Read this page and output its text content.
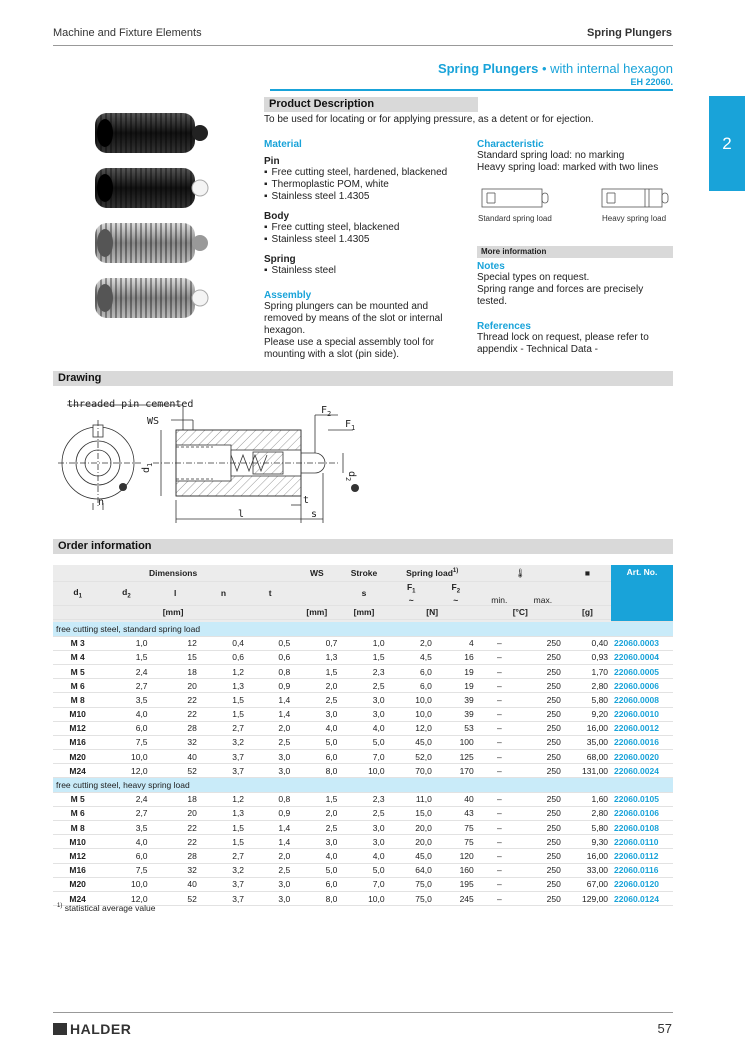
Machine and Fixture Elements	Spring Plungers
Spring Plungers • with internal hexagon
EH 22060.
2
Product Description
To be used for locating or for applying pressure, as a detent or for ejection.
Material
Pin
▪ Free cutting steel, hardened, blackened
▪ Thermoplastic POM, white
▪ Stainless steel 1.4305
Body
▪ Free cutting steel, blackened
▪ Stainless steel 1.4305
Spring
▪ Stainless steel
Assembly
Spring plungers can be mounted and
removed by means of the slot or internal
hexagon.
Please use a special assembly tool for
mounting with a slot (pin side).
Characteristic
Standard spring load: no marking
Heavy spring load: marked with two lines
Standard spring load	Heavy spring load
More information
Notes
Special types on request.
Spring range and forces are precisely
tested.
References
Thread lock on request, please refer to
appendix - Technical Data -
Drawing
threaded pin cemented
WS
$F_2$
$F_1$
n	t
l	s
$d_1$
$d_2$
Order information
Dimensions					WS	Stroke	Spring load$^{1)}$		🌡		■	Art. No.
$d_1$	$d_2$	l	n	t		s	$F_1$
~	$F_2$
~	min.	max.		
[mm]					[mm]	[mm]	[N]		[°C]		[g]	

free cutting steel, standard spring load												
M 3	1,0	12	0,4	0,5	0,7	1,0	2,0	4	–	250	0,40	22060.0003
M 4	1,5	15	0,6	0,6	1,3	1,5	4,5	16	–	250	0,93	22060.0004
M 5	2,4	18	1,2	0,8	1,5	2,3	6,0	19	–	250	1,70	22060.0005
M 6	2,7	20	1,3	0,9	2,0	2,5	6,0	19	–	250	2,80	22060.0006
M 8	3,5	22	1,5	1,4	2,5	3,0	10,0	39	–	250	5,80	22060.0008
M10	4,0	22	1,5	1,4	3,0	3,0	10,0	39	–	250	9,20	22060.0010
M12	6,0	28	2,7	2,0	4,0	4,0	12,0	53	–	250	16,00	22060.0012
M16	7,5	32	3,2	2,5	5,0	5,0	45,0	100	–	250	35,00	22060.0016
M20	10,0	40	3,7	3,0	6,0	7,0	52,0	125	–	250	68,00	22060.0020
M24	12,0	52	3,7	3,0	8,0	10,0	70,0	170	–	250	131,00	22060.0024
free cutting steel, heavy spring load												
M 5	2,4	18	1,2	0,8	1,5	2,3	11,0	40	–	250	1,60	22060.0105
M 6	2,7	20	1,3	0,9	2,0	2,5	15,0	43	–	250	2,80	22060.0106
M 8	3,5	22	1,5	1,4	2,5	3,0	20,0	75	–	250	5,80	22060.0108
M10	4,0	22	1,5	1,4	3,0	3,0	20,0	75	–	250	9,30	22060.0110
M12	6,0	28	2,7	2,0	4,0	4,0	45,0	120	–	250	16,00	22060.0112
M16	7,5	32	3,2	2,5	5,0	5,0	64,0	160	–	250	33,00	22060.0116
M20	10,0	40	3,7	3,0	6,0	7,0	75,0	195	–	250	67,00	22060.0120
M24	12,0	52	3,7	3,0	8,0	10,0	75,0	245	–	250	129,00	22060.0124
$^{1)}$ statistical average value
HALDER	57
